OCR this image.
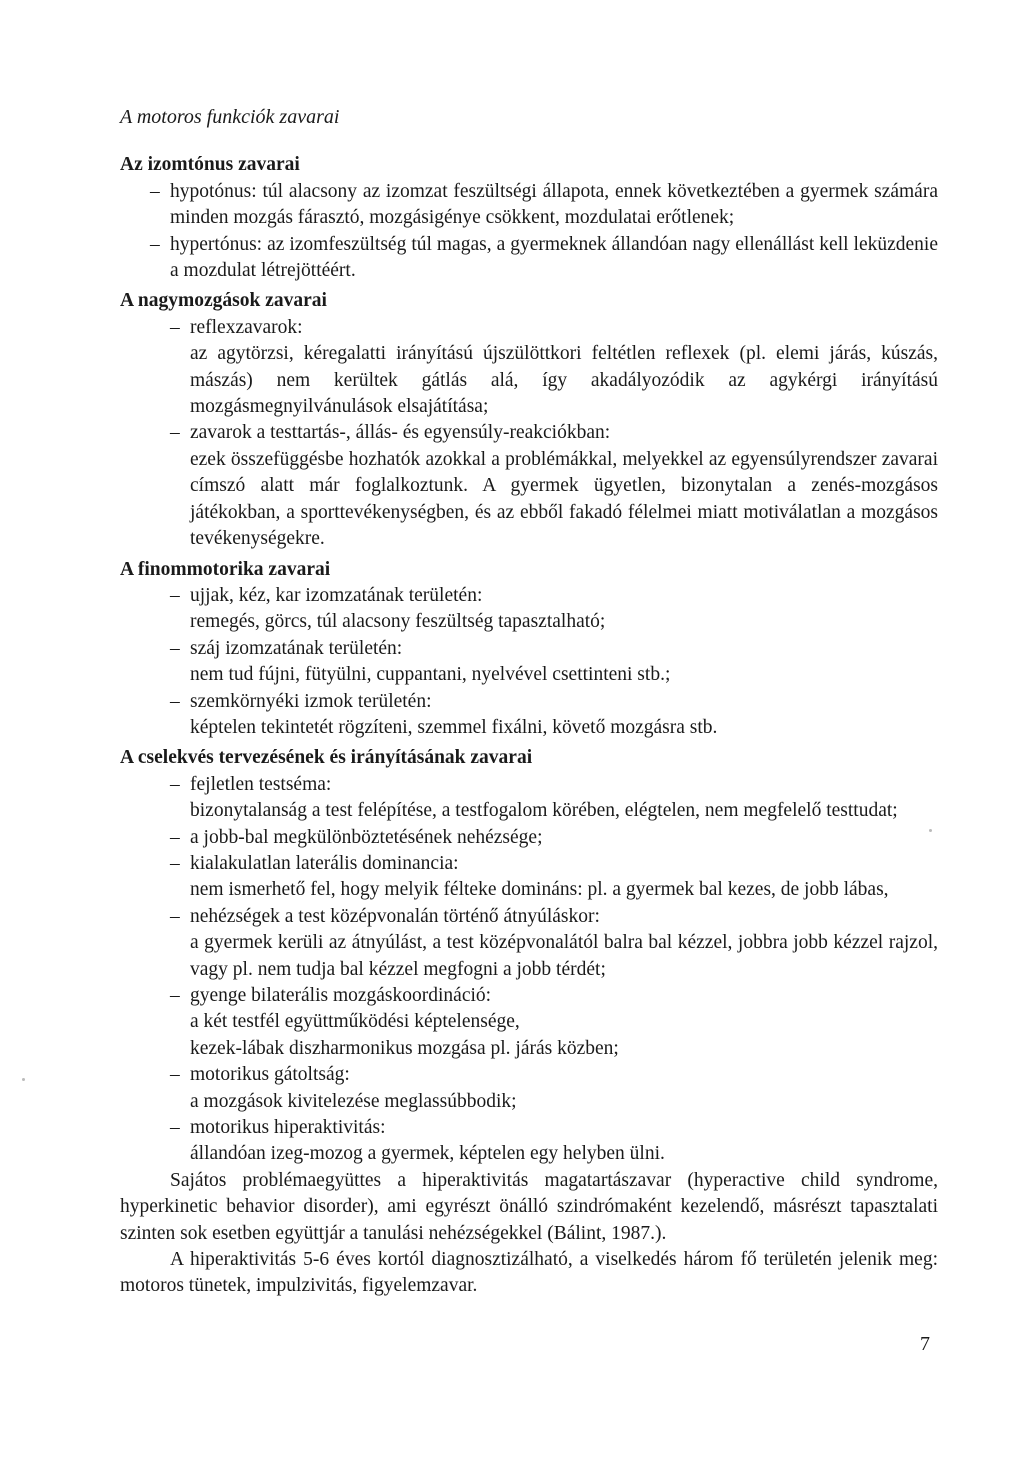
A motoros funkciók zavarai
Az izomtónus zavarai
– hypotónus: túl alacsony az izomzat feszültségi állapota, ennek következtében a gyermek számára minden mozgás fárasztó, mozgásigénye csökkent, mozdulatai erőtlenek;
– hypertónus: az izomfeszültség túl magas, a gyermeknek állandóan nagy ellenállást kell leküzdenie a mozdulat létrejöttéért.
A nagymozgások zavarai
– reflexzavarok:
az agytörzsi, kéregalatti irányítású újszülöttkori feltétlen reflexek (pl. elemi járás, kúszás, mászás) nem kerültek gátlás alá, így akadályozódik az agykérgi irányítású mozgásmegnyilvánulások elsajátítása;
– zavarok a testtartás-, állás- és egyensúly-reakciókban:
ezek összefüggésbe hozhatók azokkal a problémákkal, melyekkel az egyensúlyrendszer zavarai címszó alatt már foglalkoztunk. A gyermek ügyetlen, bizonytalan a zenés-mozgásos játékokban, a sporttevékenységben, és az ebből fakadó félelmei miatt motiválatlan a mozgásos tevékenységekre.
A finommotorika zavarai
– ujjak, kéz, kar izomzatának területén:
remegés, görcs, túl alacsony feszültség tapasztalható;
– száj izomzatának területén:
nem tud fújni, fütyülni, cuppantani, nyelvével csettinteni stb.;
– szemkörnyéki izmok területén:
képtelen tekintetét rögzíteni, szemmel fixálni, követő mozgásra stb.
A cselekvés tervezésének és irányításának zavarai
– fejletlen testséma:
bizonytalanság a test felépítése, a testfogalom körében, elégtelen, nem megfelelő testtudat;
– a jobb-bal megkülönböztetésének nehézsége;
– kialakulatlan laterális dominancia:
nem ismerhető fel, hogy melyik félteke domináns: pl. a gyermek bal kezes, de jobb lábas,
– nehézségek a test középvonalán történő átnyúláskor:
a gyermek kerüli az átnyúlást, a test középvonalától balra bal kézzel, jobbra jobb kézzel rajzol, vagy pl. nem tudja bal kézzel megfogni a jobb térdét;
– gyenge bilaterális mozgáskoordináció:
a két testfél együttműködési képtelensége,
kezek-lábak diszharmonikus mozgása pl. járás közben;
– motorikus gátoltság:
a mozgások kivitelezése meglassúbbodik;
– motorikus hiperaktivitás:
állandóan izeg-mozog a gyermek, képtelen egy helyben ülni.

Sajátos problémaegyüttes a hiperaktivitás magatartászavar (hyperactive child syndrome, hyperkinetic behavior disorder), ami egyrészt önálló szindrómaként kezelendő, másrészt tapasztalati szinten sok esetben együttjár a tanulási nehézségekkel (Bálint, 1987.).

A hiperaktivitás 5-6 éves kortól diagnosztizálható, a viselkedés három fő területén jelenik meg: motoros tünetek, impulzivitás, figyelemzavar.

7
